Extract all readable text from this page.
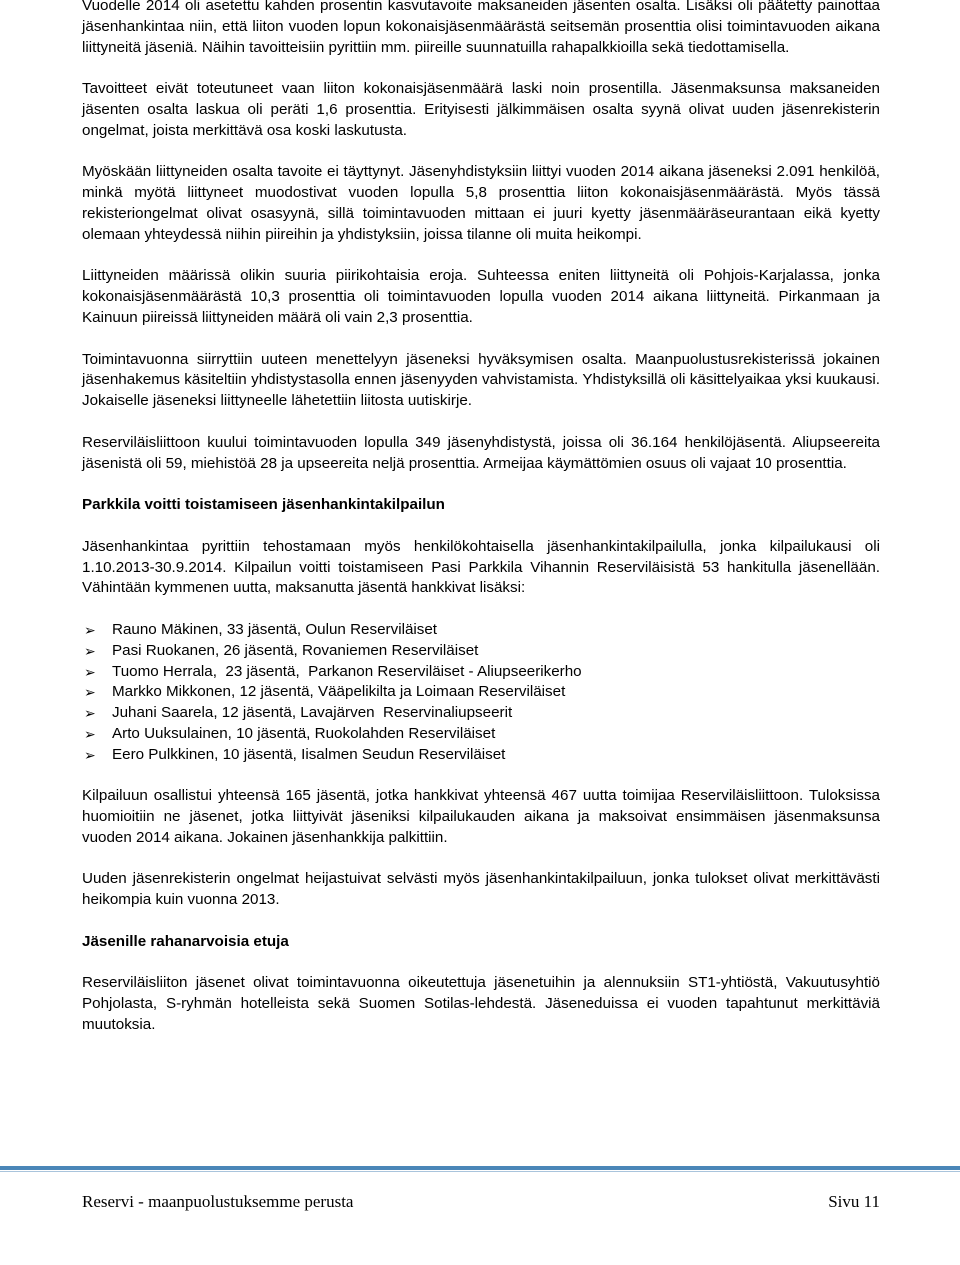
Vuodelle 2014 oli asetettu kahden prosentin kasvutavoite maksaneiden jäsenten osalta. Lisäksi oli päätetty painottaa jäsenhankintaa niin, että liiton vuoden lopun kokonaisjäsenmäärästä seitsemän prosenttia olisi toimintavuoden aikana liittyneitä jäseniä. Näihin tavoitteisiin pyrittiin mm. piireille suunnatuilla rahapalkkioilla sekä tiedottamisella.

Tavoitteet eivät toteutuneet vaan liiton kokonaisjäsenmäärä laski noin prosentilla. Jäsenmaksunsa maksaneiden jäsenten osalta laskua oli peräti 1,6 prosenttia. Erityisesti jälkimmäisen osalta syynä olivat uuden jäsenrekisterin ongelmat, joista merkittävä osa koski laskutusta.

Myöskään liittyneiden osalta tavoite ei täyttynyt. Jäsenyhdistyksiin liittyi vuoden 2014 aikana jäseneksi 2.091 henkilöä, minkä myötä liittyneet muodostivat vuoden lopulla 5,8 prosenttia liiton kokonaisjäsenmäärästä. Myös tässä rekisteriongelmat olivat osasyynä, sillä toimintavuoden mittaan ei juuri kyetty jäsenmääräseurantaan eikä kyetty olemaan yhteydessä niihin piireihin ja yhdistyksiin, joissa tilanne oli muita heikompi.

Liittyneiden määrissä olikin suuria piirikohtaisia eroja. Suhteessa eniten liittyneitä oli Pohjois-Karjalassa, jonka kokonaisjäsenmäärästä 10,3 prosenttia oli toimintavuoden lopulla vuoden 2014 aikana liittyneitä. Pirkanmaan ja Kainuun piireissä liittyneiden määrä oli vain 2,3 prosenttia.

Toimintavuonna siirryttiin uuteen menettelyyn jäseneksi hyväksymisen osalta. Maanpuolustusrekisterissä jokainen jäsenhakemus käsiteltiin yhdistystasolla ennen jäsenyyden vahvistamista. Yhdistyksillä oli käsittelyaikaa yksi kuukausi. Jokaiselle jäseneksi liittyneelle lähetettiin liitosta uutiskirje.

Reserviläisliittoon kuului toimintavuoden lopulla 349 jäsenyhdistystä, joissa oli 36.164 henkilöjäsentä. Aliupseereita jäsenistä oli 59, miehistöä 28 ja upseereita neljä prosenttia. Armeijaa käymättömien osuus oli vajaat 10 prosenttia.

Parkkila voitti toistamiseen jäsenhankintakilpailun

Jäsenhankintaa pyrittiin tehostamaan myös henkilökohtaisella jäsenhankintakilpailulla, jonka kilpailukausi oli 1.10.2013-30.9.2014. Kilpailun voitti toistamiseen Pasi Parkkila Vihannin Reserviläisistä 53 hankitulla jäsenellään. Vähintään kymmenen uutta, maksanutta jäsentä hankkivat lisäksi:

➢ Rauno Mäkinen, 33 jäsentä, Oulun Reserviläiset
➢ Pasi Ruokanen, 26 jäsentä, Rovaniemen Reserviläiset
➢ Tuomo Herrala,  23 jäsentä,  Parkanon Reserviläiset - Aliupseerikerho
➢ Markko Mikkonen, 12 jäsentä, Vääpelikilta ja Loimaan Reserviläiset
➢ Juhani Saarela, 12 jäsentä, Lavajärven  Reservinaliupseerit
➢ Arto Uuksulainen, 10 jäsentä, Ruokolahden Reserviläiset
➢ Eero Pulkkinen, 10 jäsentä, Iisalmen Seudun Reserviläiset

Kilpailuun osallistui yhteensä 165 jäsentä, jotka hankkivat yhteensä 467 uutta toimijaa Reserviläisliittoon. Tuloksissa huomioitiin ne jäsenet, jotka liittyivät jäseniksi kilpailukauden aikana ja maksoivat ensimmäisen jäsenmaksunsa vuoden 2014 aikana. Jokainen jäsenhankkija palkittiin.

Uuden jäsenrekisterin ongelmat heijastuivat selvästi myös jäsenhankintakilpailuun, jonka tulokset olivat merkittävästi heikompia kuin vuonna 2013.

Jäsenille rahanarvoisia etuja

Reserviläisliiton jäsenet olivat toimintavuonna oikeutettuja jäsenetuihin ja alennuksiin ST1-yhtiöstä, Vakuutusyhtiö Pohjolasta, S-ryhmän hotelleista sekä Suomen Sotilas-lehdestä. Jäseneduissa ei vuoden tapahtunut merkittäviä muutoksia.

Reservi - maanpuolustuksemme perusta	Sivu 11
